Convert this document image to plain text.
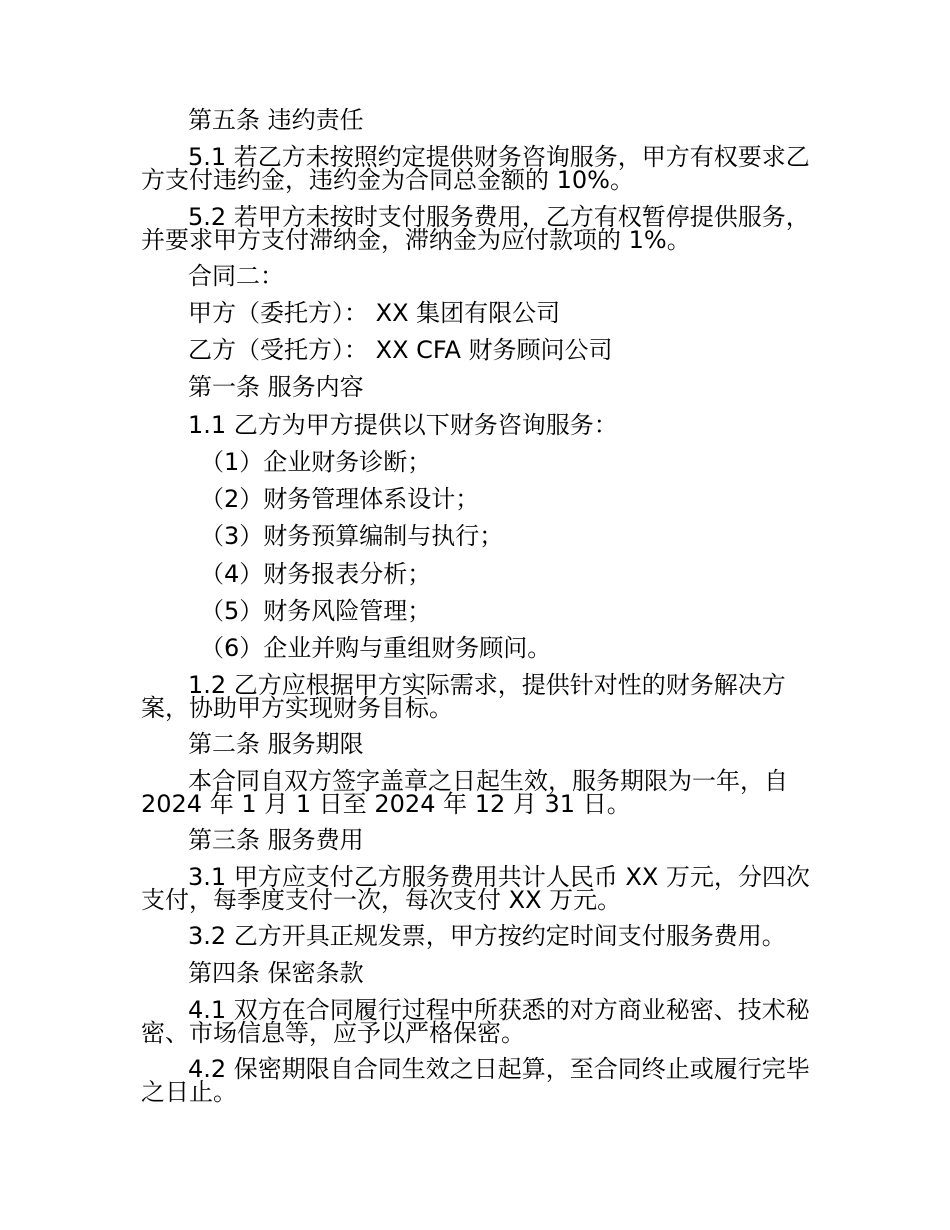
第五条 违约责任
5.1 若乙方未按照约定提供财务咨询服务，甲方有权要求乙方支付违约金，违约金为合同总金额的 10%。
5.2 若甲方未按时支付服务费用，乙方有权暂停提供服务，并要求甲方支付滞纳金，滞纳金为应付款项的 1%。
合同二：
甲方（委托方）： XX 集团有限公司
乙方（受托方）： XX CFA 财务顾问公司
第一条 服务内容
1.1 乙方为甲方提供以下财务咨询服务：
（1）企业财务诊断；
（2）财务管理体系设计；
（3）财务预算编制与执行；
（4）财务报表分析；
（5）财务风险管理；
（6）企业并购与重组财务顾问。
1.2 乙方应根据甲方实际需求，提供针对性的财务解决方案，协助甲方实现财务目标。
第二条 服务期限
本合同自双方签字盖章之日起生效，服务期限为一年，自 2024 年 1 月 1 日至 2024 年 12 月 31 日。
第三条 服务费用
3.1 甲方应支付乙方服务费用共计人民币 XX 万元，分四次支付，每季度支付一次，每次支付 XX 万元。
3.2 乙方开具正规发票，甲方按约定时间支付服务费用。
第四条 保密条款
4.1 双方在合同履行过程中所获悉的对方商业秘密、技术秘密、市场信息等，应予以严格保密。
4.2 保密期限自合同生效之日起算，至合同终止或履行完毕之日止。
